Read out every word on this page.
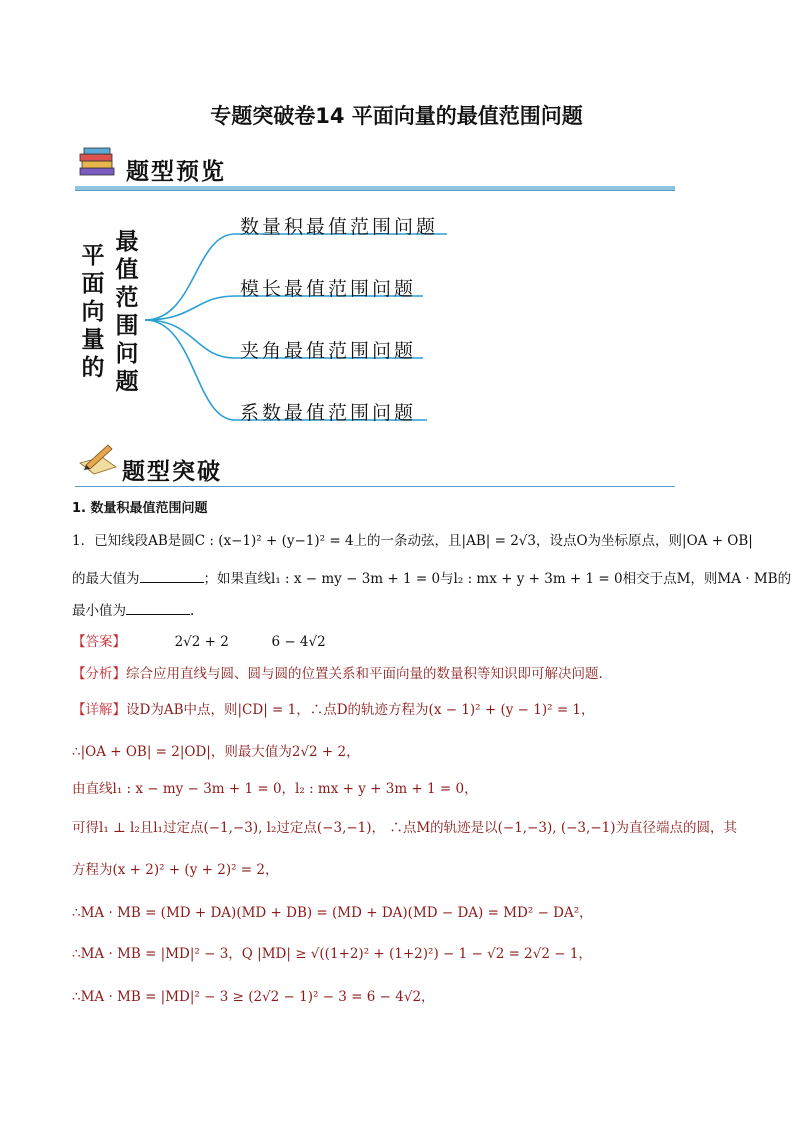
专题突破卷14 平面向量的最值范围问题
题型预览
平
面
向
量
的
最
值
范
围
问
题
数量积最值范围问题
模长最值范围问题
夹角最值范围问题
系数最值范围问题
题型突破
1. 数量积最值范围问题
1．已知线段AB是圆C : (x−1)² + (y−1)² = 4上的一条动弦，且|AB| = 2√3，设点O为坐标原点，则|OA + OB|
的最大值为	；如果直线l₁ : x − my − 3m + 1 = 0与l₂ : mx + y + 3m + 1 = 0相交于点M，则MA · MB的
最小值为	.
【答案】	2√2 + 2	6 − 4√2
【分析】综合应用直线与圆、圆与圆的位置关系和平面向量的数量积等知识即可解决问题.
【详解】设D为AB中点，则|CD| = 1，∴点D的轨迹方程为(x − 1)² + (y − 1)² = 1，
∴|OA + OB| = 2|OD|，则最大值为2√2 + 2，
由直线l₁ : x − my − 3m + 1 = 0，l₂ : mx + y + 3m + 1 = 0，
可得l₁ ⊥ l₂且l₁过定点(−1,−3), l₂过定点(−3,−1)， ∴点M的轨迹是以(−1,−3), (−3,−1)为直径端点的圆，其
方程为(x + 2)² + (y + 2)² = 2，
∴MA · MB = (MD + DA)(MD + DB) = (MD + DA)(MD − DA) = MD² − DA²，
∴MA · MB = |MD|² − 3，Q |MD| ≥ √((1+2)² + (1+2)²) − 1 − √2 = 2√2 − 1，
∴MA · MB = |MD|² − 3 ≥ (2√2 − 1)² − 3 = 6 − 4√2，
